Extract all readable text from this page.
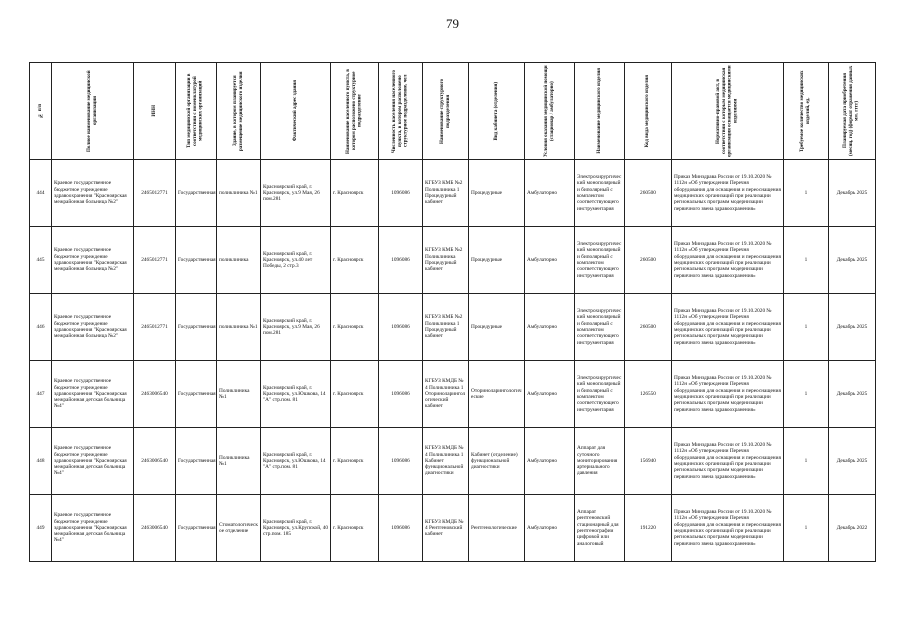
79
№ п/п	Полное наименование медицинской организации	ИНН	Тип медицинской организации в соответствии с номенклатурой медицинских организаций	Здание, в котором планируется размещение медицинского изделия	Фактический адрес здания	Наименование населенного пункта, в котором расположено структурное подразделение	Численность населения населенного пункта, в котором расположено структурное подразделение, чел	Наименование структурного подразделения	Вид кабинета (отделения)	Условия оказания медицинской помощи (стационар / амбулаторно)	Наименование медицинского изделия	Код вида медицинского изделия	Нормативно-правовой акт, в соответствии с которым медицинская организация оснащается медицинскими изделиями	Требуемое количество медицинских изделий, ед.	Планируемая дата приобретения (месяц, год) (формат отражения данных мм. гггг)

444	Краевое государственное бюджетное учреждение здравоохранения "Красноярская межрайонная больница №2"	2465012771	Государственная	поликлиника №1	Красноярский край, г. Красноярск, ул.9 Мая, 26 пом.281	г. Красноярск	1096086	КГБУЗ КМБ №2 Поликлиника 1 Процедурный кабинет	Процедурные	Амбулаторно	Электрохирургический монополярный и биполярный с комплектом соответствующего инструментария	260500	Приказ Минздрава России от 19.10.2020 № 1112н «Об утверждении Перечня оборудования для оснащения и переоснащения медицинских организаций при реализации региональных программ модернизации первичного звена здравоохранения»	1	Декабрь 2025
445	Краевое государственное бюджетное учреждение здравоохранения "Красноярская межрайонная больница №2"	2465012771	Государственная	поликлиника	Красноярский край, г. Красноярск, ул.40 лет Победы, 2 стр.3	г. Красноярск	1096086	КГБУЗ КМБ №2 Поликлиника Процедурный кабинет	Процедурные	Амбулаторно	Электрохирургический монополярный и биполярный с комплектом соответствующего инструментария	260500	Приказ Минздрава России от 19.10.2020 № 1112н «Об утверждении Перечня оборудования для оснащения и переоснащения медицинских организаций при реализации региональных программ модернизации первичного звена здравоохранения»	1	Декабрь 2025
446	Краевое государственное бюджетное учреждение здравоохранения "Красноярская межрайонная больница №2"	2465012771	Государственная	поликлиника №1	Красноярский край, г. Красноярск, ул.9 Мая, 26 пом.281	г. Красноярск	1096086	КГБУЗ КМБ №2 Поликлиника 1 Процедурный кабинет	Процедурные	Амбулаторно	Электрохирургический монополярный и биполярный с комплектом соответствующего инструментария	260500	Приказ Минздрава России от 19.10.2020 № 1112н «Об утверждении Перечня оборудования для оснащения и переоснащения медицинских организаций при реализации региональных программ модернизации первичного звена здравоохранения»	1	Декабрь 2025
447	Краевое государственное бюджетное учреждение здравоохранения "Красноярская межрайонная детская больница №4"	2463006540	Государственная	Поликлиника №1	Красноярский край, г. Красноярск, ул.Юшкова, 14 "А" стр.пом. 81	г. Красноярск	1096086	КГБУЗ КМДБ № 4 Поликлиника 1 Оториноларингологический кабинет	Оториноларингологические	Амбулаторно	Электрохирургический монополярный и биполярный с комплектом соответствующего инструментария	126550	Приказ Минздрава России от 19.10.2020 № 1112н «Об утверждении Перечня оборудования для оснащения и переоснащения медицинских организаций при реализации региональных программ модернизации первичного звена здравоохранения»	1	Декабрь 2025
448	Краевое государственное бюджетное учреждение здравоохранения "Красноярская межрайонная детская больница №4"	2463006540	Государственная	Поликлиника №1	Красноярский край, г. Красноярск, ул.Юшкова, 14 "А" стр.пом. 81	г. Красноярск	1096086	КГБУЗ КМДБ № 4 Поликлиника 1 Кабинет функциональной диагностики	Кабинет (отделение) функциональной диагностики	Амбулаторно	Аппарат для суточного мониторирования артериального давления	156940	Приказ Минздрава России от 19.10.2020 № 1112н «Об утверждении Перечня оборудования для оснащения и переоснащения медицинских организаций при реализации региональных программ модернизации первичного звена здравоохранения»	1	Декабрь 2025
449	Краевое государственное бюджетное учреждение здравоохранения "Красноярская межрайонная детская больница №4"	2463006540	Государственная	Стоматологическое отделение	Красноярский край, г. Красноярск, ул.Крупской, 40 стр.пом. 185	г. Красноярск	1096086	КГБУЗ КМДБ № 4 Рентгеновский кабинет	Рентгенологические	Амбулаторно	Аппарат рентгеновский стационарный для рентгенографии цифровой или аналоговый	191220	Приказ Минздрава России от 19.10.2020 № 1112н «Об утверждении Перечня оборудования для оснащения и переоснащения медицинских организаций при реализации региональных программ модернизации первичного звена здравоохранения»	1	Декабрь 2022
